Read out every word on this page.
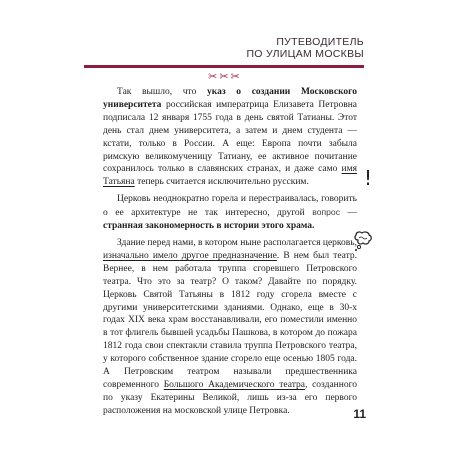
ПУТЕВОДИТЕЛЬ
ПО УЛИЦАМ МОСКВЫ
✂✂✂

Так вышло, что указ о создании Московского университета российская императрица Елизавета Петровна подписала 12 января 1755 года в день святой Татианы. Этот день стал днем университета, а затем и днем студента — кстати, только в России. А еще: Европа почти забыла римскую великомученицу Татиану, ее активное почитание сохранилось только в славянских странах, и даже само имя Татьяна теперь считается исключительно русским.

Церковь неоднократно горела и перестраивалась, говорить о ее архитектуре не так интересно, другой вопрос — странная закономерность в истории этого храма.

Здание перед нами, в котором ныне располагается церковь, изначально имело другое предназначение. В нем был театр. Вернее, в нем работала труппа сгоревшего Петровского театра. Что это за театр? О таком? Давайте по порядку. Церковь Святой Татьяны в 1812 году сгорела вместе с другими университетскими зданиями. Однако, еще в 30-х годах XIX века храм восстанавливали, его поместили именно в тот флигель бывшей усадьбы Пашкова, в котором до пожара 1812 года свои спектакли ставила труппа Петровского театра, у которого собственное здание сгорело еще осенью 1805 года. А Петровским театром называли предшественника современного Большого Академического театра, созданного по указу Екатерины Великой, лишь из-за его первого расположения на московской улице Петровка.

!
11
